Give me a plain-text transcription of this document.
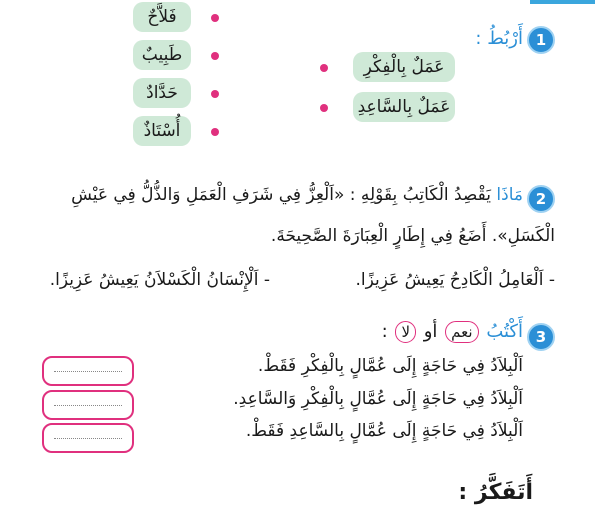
1
أَرْبُطُ :
فَلاَّحٌ
طَبِيبٌ
حَدَّادٌ
أُسْتَاذٌ
عَمَلٌ بِالْفِكْرِ
عَمَلٌ بِالسَّاعِدِ
2
مَاذَا يَقْصِدُ الْكَاتِبُ بِقَوْلِهِ : «اَلْعِزُّ فِي شَرَفِ الْعَمَلِ وَالذُّلُّ فِي عَيْشِ
الْكَسَلِ». أَضَعُ فِي إِطَارٍ الْعِبَارَةَ الصَّحِيحَةَ.
- اَلْعَامِلُ الْكَادِحُ يَعِيشُ عَزِيزًا.
- اَلْإِنْسَانُ الْكَسْلاَنُ يَعِيشُ عَزِيزًا.
3
أَكْتُبُ نعم أو لا :
اَلْبِلاَدُ فِي حَاجَةٍ إِلَى عُمَّالٍ بِالْفِكْرِ فَقَطْ.
اَلْبِلاَدُ فِي حَاجَةٍ إِلَى عُمَّالٍ بِالْفِكْرِ وَالسَّاعِدِ.
اَلْبِلاَدُ فِي حَاجَةٍ إِلَى عُمَّالٍ بِالسَّاعِدِ فَقَطْ.
أَتَفَكَّرُ :
